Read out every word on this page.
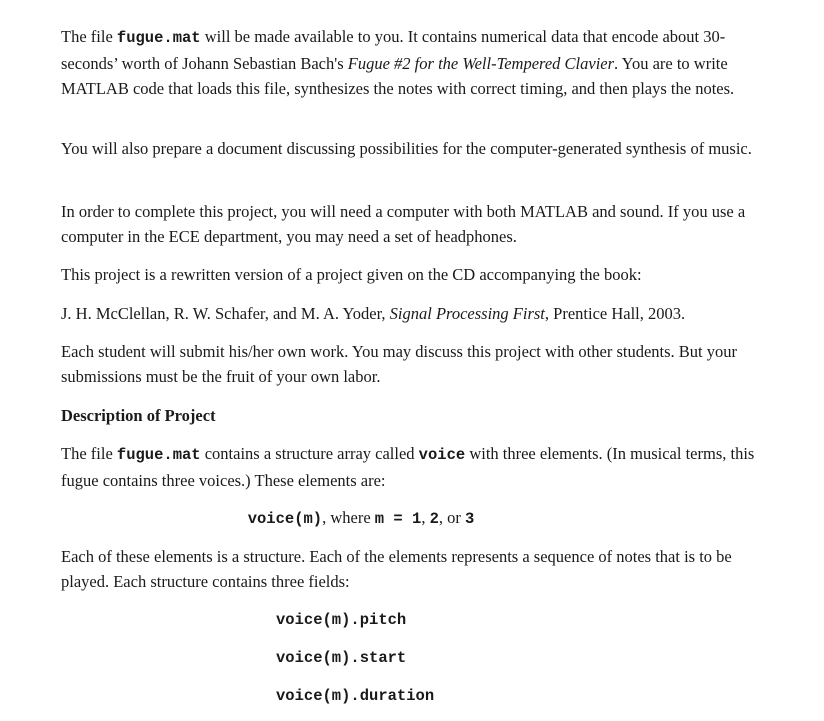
The file fugue.mat will be made available to you. It contains numerical data that encode about 30-seconds’ worth of Johann Sebastian Bach's Fugue #2 for the Well-Tempered Clavier. You are to write MATLAB code that loads this file, synthesizes the notes with correct timing, and then plays the notes.

You will also prepare a document discussing possibilities for the computer-generated synthesis of music.

In order to complete this project, you will need a computer with both MATLAB and sound. If you use a computer in the ECE department, you may need a set of headphones.

This project is a rewritten version of a project given on the CD accompanying the book:

J. H. McClellan, R. W. Schafer, and M. A. Yoder, Signal Processing First, Prentice Hall, 2003.

Each student will submit his/her own work. You may discuss this project with other students. But your submissions must be the fruit of your own labor.

Description of Project

The file fugue.mat contains a structure array called voice with three elements. (In musical terms, this fugue contains three voices.) These elements are:

voice(m), where m = 1, 2, or 3

Each of these elements is a structure. Each of the elements represents a sequence of notes that is to be played. Each structure contains three fields:

voice(m).pitch

voice(m).start

voice(m).duration
